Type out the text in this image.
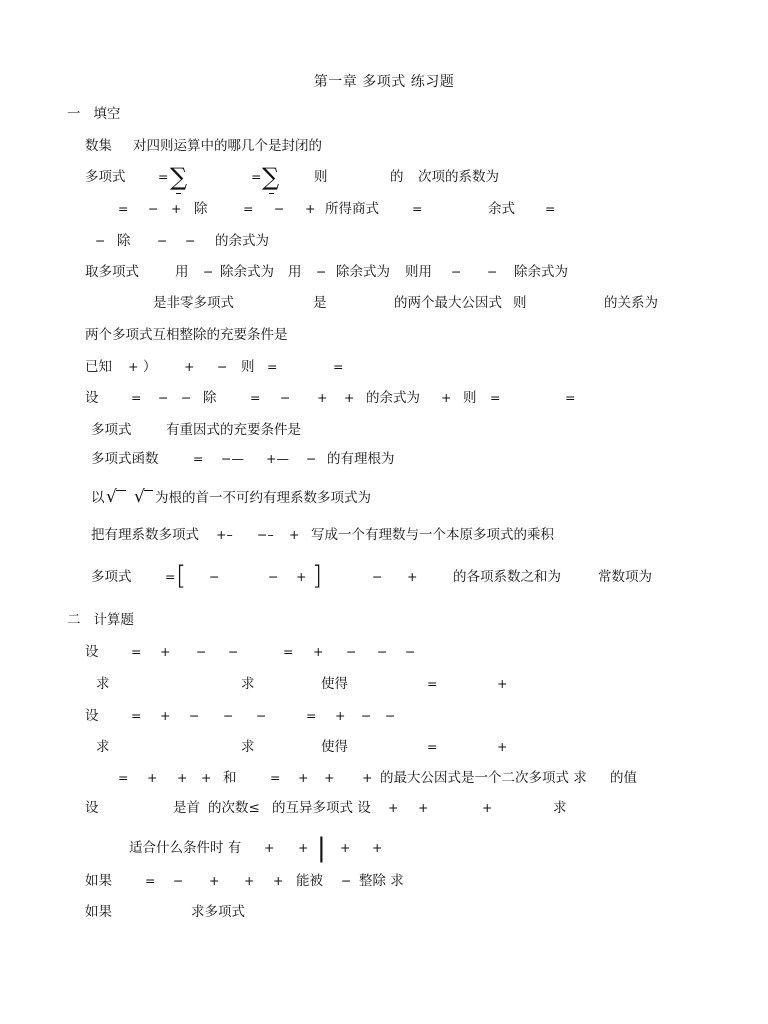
第一章 多项式 练习题
一   填空
数集 对四则运算中的哪几个是封闭的
多项式	= ∑	= ∑	则	的 次项的系数为
= − + 除	= − + 所得商式	=	余式 =
− 除 − − 的余式为
取多项式	用 − 除余式为 用 − 除余式为 则用 − − 除余式为
是非零多项式	是	的两个最大公因式 则	的关系为
两个多项式互相整除的充要条件是
已知 + ） + − 则 =	=
设	= − − 除	= − + + 的余式为 + 则 =	=
多项式	有重因式的充要条件是
多项式函数	= −— +— − 的有理根为
以 √ √ 为根的首一不可约有理系数多项式为
把有理系数多项式 +– −– + 写成一个有理数与一个本原多项式的乘积
多项式	= [ −	− + ]	− +	的各项系数之和为	常数项为
二   计算题
设	= + − −	= + − − −
求	求	使得	=	+
设	= + − − −	= + − −
求	求	使得	=	+
= + + + 和	= + + + 的最大公因式是一个二次多项式 求 的值
设	是首 的次数≤ 的互异多项式 设 + +	+	求
适合什么条件时 有 + + | + +
如果	= − + + + 能被 − 整除 求
如果	求多项式
